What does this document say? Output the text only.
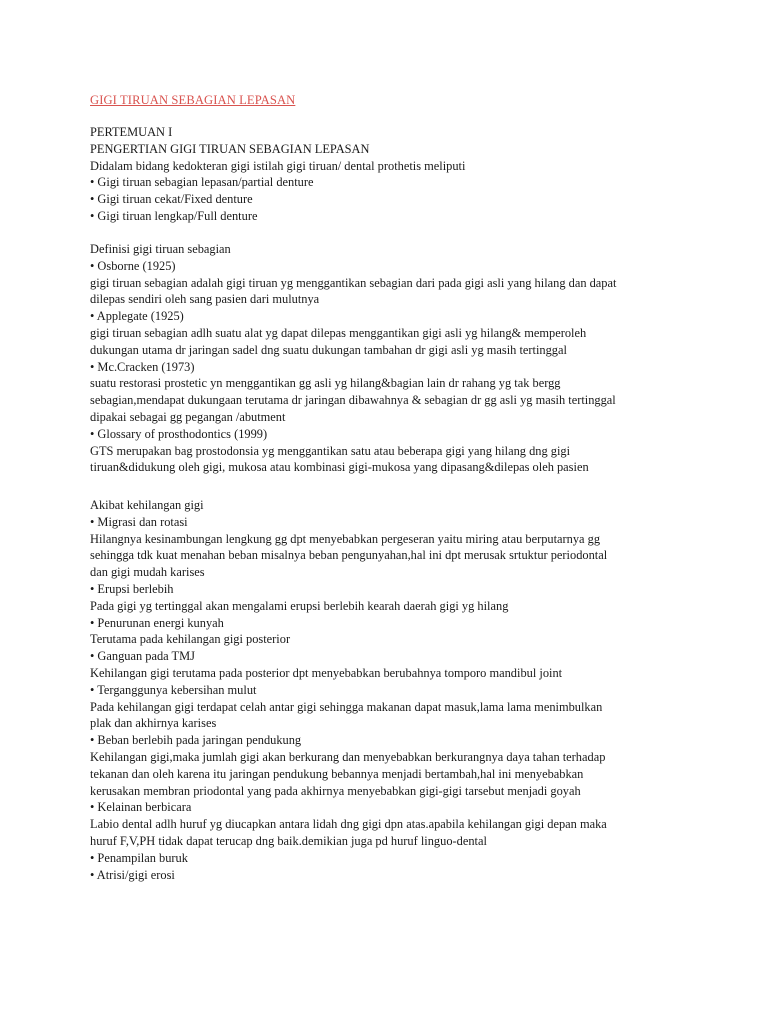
GIGI TIRUAN SEBAGIAN LEPASAN

PERTEMUAN I

PENGERTIAN GIGI TIRUAN SEBAGIAN LEPASAN

Didalam bidang kedokteran gigi istilah gigi tiruan/ dental prothetis meliputi

• Gigi tiruan sebagian lepasan/partial denture

• Gigi tiruan cekat/Fixed denture

• Gigi tiruan lengkap/Full denture

Definisi gigi tiruan sebagian

• Osborne (1925)

gigi tiruan sebagian adalah gigi tiruan yg menggantikan sebagian dari pada gigi asli yang hilang dan dapat

dilepas sendiri oleh sang pasien dari mulutnya

• Applegate (1925)

gigi tiruan sebagian adlh suatu alat yg dapat dilepas menggantikan gigi asli yg hilang& memperoleh

dukungan utama dr jaringan sadel dng suatu dukungan tambahan dr gigi asli yg masih tertinggal

• Mc.Cracken (1973)

suatu restorasi prostetic yn menggantikan gg asli yg hilang&bagian lain dr rahang yg tak bergg

sebagian,mendapat dukungaan terutama dr jaringan dibawahnya & sebagian dr gg asli yg masih tertinggal

dipakai sebagai gg pegangan /abutment

• Glossary of prosthodontics (1999)

GTS merupakan bag prostodonsia yg menggantikan satu atau beberapa gigi yang hilang dng gigi

tiruan&didukung oleh gigi, mukosa atau kombinasi gigi-mukosa yang dipasang&dilepas oleh pasien

Akibat kehilangan gigi

• Migrasi dan rotasi

Hilangnya kesinambungan lengkung gg dpt menyebabkan pergeseran yaitu miring atau berputarnya gg

sehingga tdk kuat menahan beban misalnya beban pengunyahan,hal ini dpt merusak srtuktur periodontal

dan gigi mudah karises

• Erupsi berlebih

Pada gigi yg tertinggal akan mengalami erupsi berlebih kearah daerah gigi yg hilang

• Penurunan energi kunyah

Terutama pada kehilangan gigi posterior

• Ganguan pada TMJ

Kehilangan gigi terutama pada posterior dpt menyebabkan berubahnya tomporo mandibul joint

• Terganggunya kebersihan mulut

Pada kehilangan gigi terdapat celah antar gigi sehingga makanan dapat masuk,lama lama menimbulkan

plak dan akhirnya karises

• Beban berlebih pada jaringan pendukung

Kehilangan gigi,maka jumlah gigi akan berkurang dan menyebabkan berkurangnya daya tahan terhadap

tekanan dan oleh karena itu jaringan pendukung bebannya menjadi bertambah,hal ini menyebabkan

kerusakan membran priodontal yang pada akhirnya menyebabkan gigi-gigi tarsebut menjadi goyah

• Kelainan berbicara

Labio dental adlh huruf yg diucapkan antara lidah dng gigi dpn atas.apabila kehilangan gigi depan maka

huruf F,V,PH tidak dapat terucap dng baik.demikian juga pd huruf linguo-dental

• Penampilan buruk

• Atrisi/gigi erosi
